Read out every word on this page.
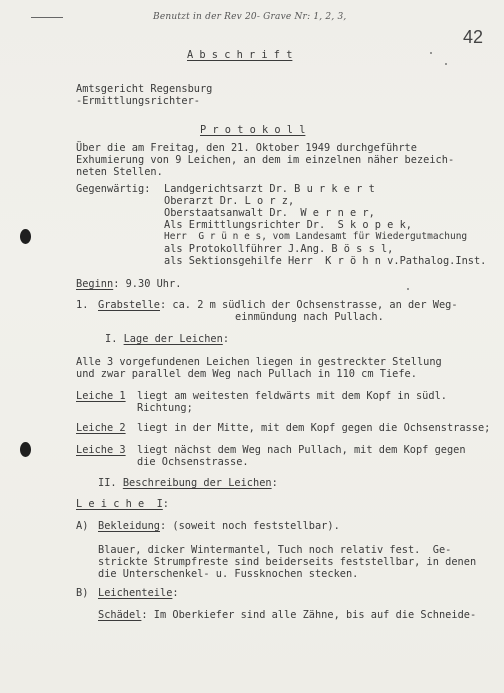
Benutzt in der Rev 20- Grave Nr: 1, 2, 3,
42
A b s c h r i f t
Amtsgericht Regensburg
-Ermittlungsrichter-
P r o t o k o l l
Über die am Freitag, den 21. Oktober 1949 durchgeführte
Exhumierung von 9 Leichen, an dem im einzelnen näher bezeich-
neten Stellen.
Gegenwärtig: Landgerichtsarzt Dr. B u r k e r t
Oberarzt Dr. L o r z,
Oberstaatsanwalt Dr.  W e r n e r,
Als Ermittlungsrichter Dr.  S k o p e k,
Herr  G r ü n e s, vom Landesamt für Wiedergutmachung
als Protokollführer J.Ang. B ö s s l,
als Sektionsgehilfe Herr  K r ö h n v.Pathalog.Inst.
Beginn: 9.30 Uhr.
1. Grabstelle: ca. 2 m südlich der Ochsenstrasse, an der Weg-
einmündung nach Pullach.
I. Lage der Leichen:
Alle 3 vorgefundenen Leichen liegen in gestreckter Stellung
und zwar parallel dem Weg nach Pullach in 110 cm Tiefe.
Leiche 1 liegt am weitesten feldwärts mit dem Kopf in südl.
Richtung;
Leiche 2 liegt in der Mitte, mit dem Kopf gegen die Ochsenstrasse;
Leiche 3 liegt nächst dem Weg nach Pullach, mit dem Kopf gegen
die Ochsenstrasse.
II. Beschreibung der Leichen:
L e i c h e  I:
A) Bekleidung: (soweit noch feststellbar).
Blauer, dicker Wintermantel, Tuch noch relativ fest.  Ge-
strickte Strumpfreste sind beiderseits feststellbar, in denen
die Unterschenkel- u. Fussknochen stecken.
B) Leichenteile:
Schädel: Im Oberkiefer sind alle Zähne, bis auf die Schneide-
